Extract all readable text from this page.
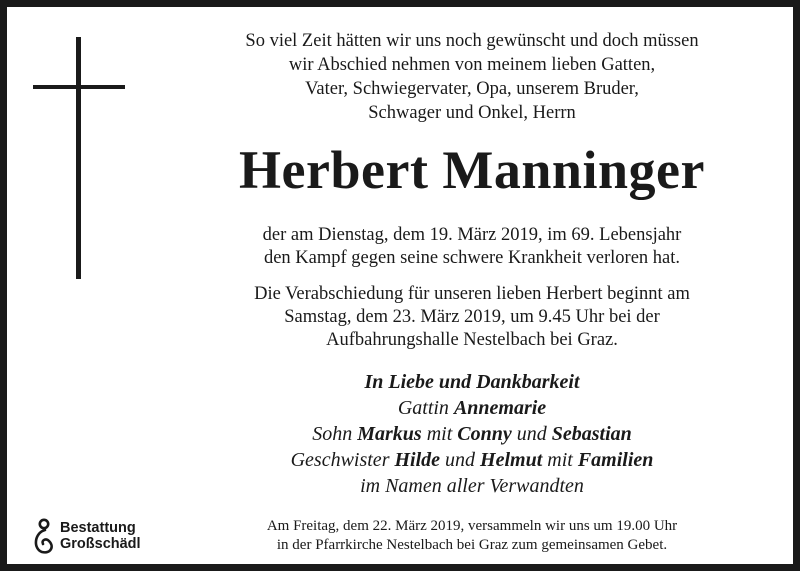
So viel Zeit hätten wir uns noch gewünscht und doch müssen
wir Abschied nehmen von meinem lieben Gatten,
Vater, Schwiegervater, Opa, unserem Bruder,
Schwager und Onkel, Herrn
Herbert Manninger
der am Dienstag, dem 19. März 2019, im 69. Lebensjahr
den Kampf gegen seine schwere Krankheit verloren hat.
Die Verabschiedung für unseren lieben Herbert beginnt am
Samstag, dem 23. März 2019, um 9.45 Uhr bei der
Aufbahrungshalle Nestelbach bei Graz.
In Liebe und Dankbarkeit
Gattin Annemarie
Sohn Markus mit Conny und Sebastian
Geschwister Hilde und Helmut mit Familien
im Namen aller Verwandten
Bestattung
Großschädl
Am Freitag, dem 22. März 2019, versammeln wir uns um 19.00 Uhr
in der Pfarrkirche Nestelbach bei Graz zum gemeinsamen Gebet.
